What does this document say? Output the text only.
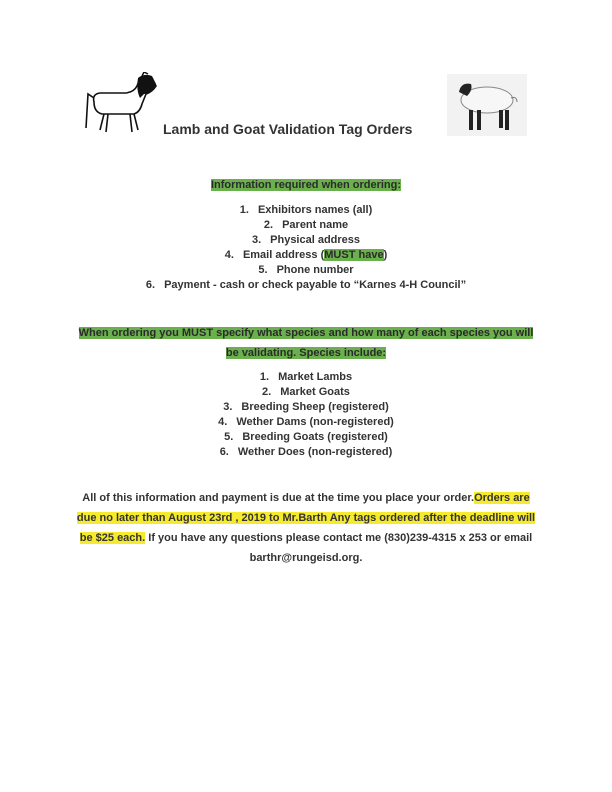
Lamb and Goat Validation Tag Orders
Information required when ordering:
1. Exhibitors names (all)
2. Parent name
3. Physical address
4. Email address (MUST have)
5. Phone number
6. Payment - cash or check payable to “Karnes 4-H Council”
When ordering you MUST specify what species and how many of each species you will
be validating. Species include:
1. Market Lambs
2. Market Goats
3. Breeding Sheep (registered)
4. Wether Dams (non-registered)
5. Breeding Goats (registered)
6. Wether Does (non-registered)
All of this information and payment is due at the time you place your order.Orders are
due no later than August 23rd , 2019 to Mr.Barth Any tags ordered after the deadline will
be $25 each. If you have any questions please contact me (830)239-4315 x 253 or email
barthr@rungeisd.org.
